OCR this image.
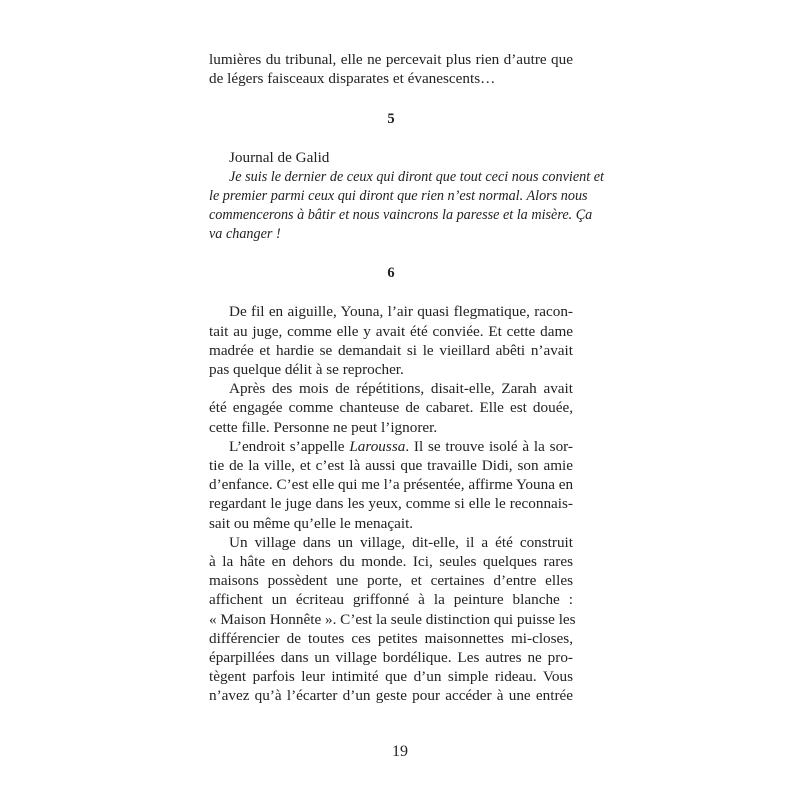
lumières du tribunal, elle ne percevait plus rien d’autre que
de légers faisceaux disparates et évanescents…
5
Journal de Galid
Je suis le dernier de ceux qui diront que tout ceci nous convient et
le premier parmi ceux qui diront que rien n’est normal. Alors nous
commencerons à bâtir et nous vaincrons la paresse et la misère. Ça
va changer !
6
De fil en aiguille, Youna, l’air quasi flegmatique, racon-
tait au juge, comme elle y avait été conviée. Et cette dame
madrée et hardie se demandait si le vieillard abêti n’avait
pas quelque délit à se reprocher.
Après des mois de répétitions, disait-elle, Zarah avait
été engagée comme chanteuse de cabaret. Elle est douée,
cette fille. Personne ne peut l’ignorer.
L’endroit s’appelle Laroussa. Il se trouve isolé à la sor-
tie de la ville, et c’est là aussi que travaille Didi, son amie
d’enfance. C’est elle qui me l’a présentée, affirme Youna en
regardant le juge dans les yeux, comme si elle le reconnais-
sait ou même qu’elle le menaçait.
Un village dans un village, dit-elle, il a été construit
à la hâte en dehors du monde. Ici, seules quelques rares
maisons possèdent une porte, et certaines d’entre elles
affichent un écriteau griffonné à la peinture blanche :
« Maison Honnête ». C’est la seule distinction qui puisse les
différencier de toutes ces petites maisonnettes mi-closes,
éparpillées dans un village bordélique. Les autres ne pro-
tègent parfois leur intimité que d’un simple rideau. Vous
n’avez qu’à l’écarter d’un geste pour accéder à une entrée
19
